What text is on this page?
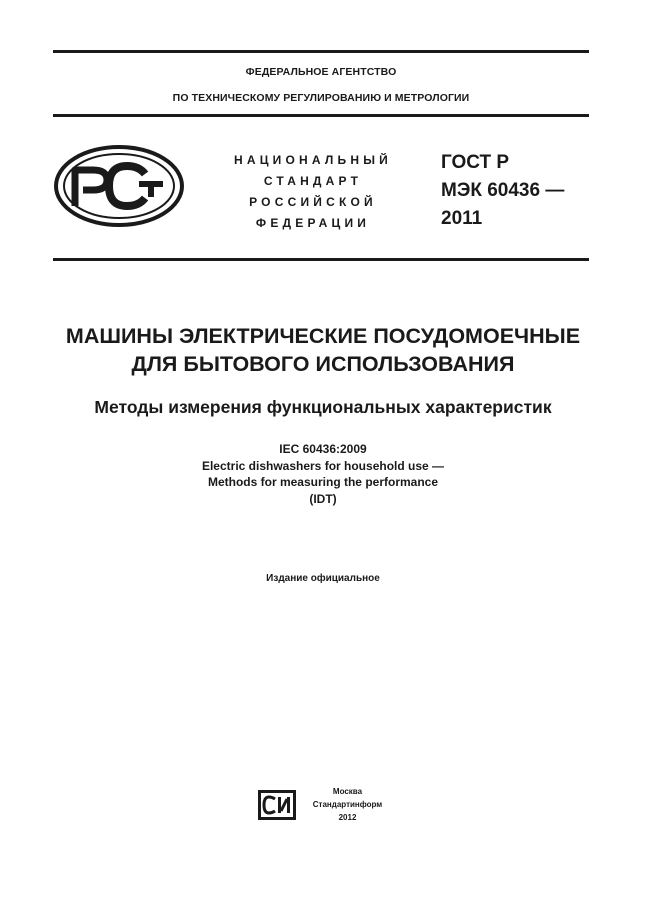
ФЕДЕРАЛЬНОЕ АГЕНТСТВО
ПО ТЕХНИЧЕСКОМУ РЕГУЛИРОВАНИЮ И МЕТРОЛОГИИ
НАЦИОНАЛЬНЫЙ
СТАНДАРТ
РОССИЙСКОЙ
ФЕДЕРАЦИИ
ГОСТ Р
МЭК 60436 —
2011
МАШИНЫ ЭЛЕКТРИЧЕСКИЕ ПОСУДОМОЕЧНЫЕ
ДЛЯ БЫТОВОГО ИСПОЛЬЗОВАНИЯ
Методы измерения функциональных характеристик
IEC 60436:2009
Electric dishwashers for household use —
Methods for measuring the performance
(IDT)
Издание официальное
Москва
Стандартинформ
2012
